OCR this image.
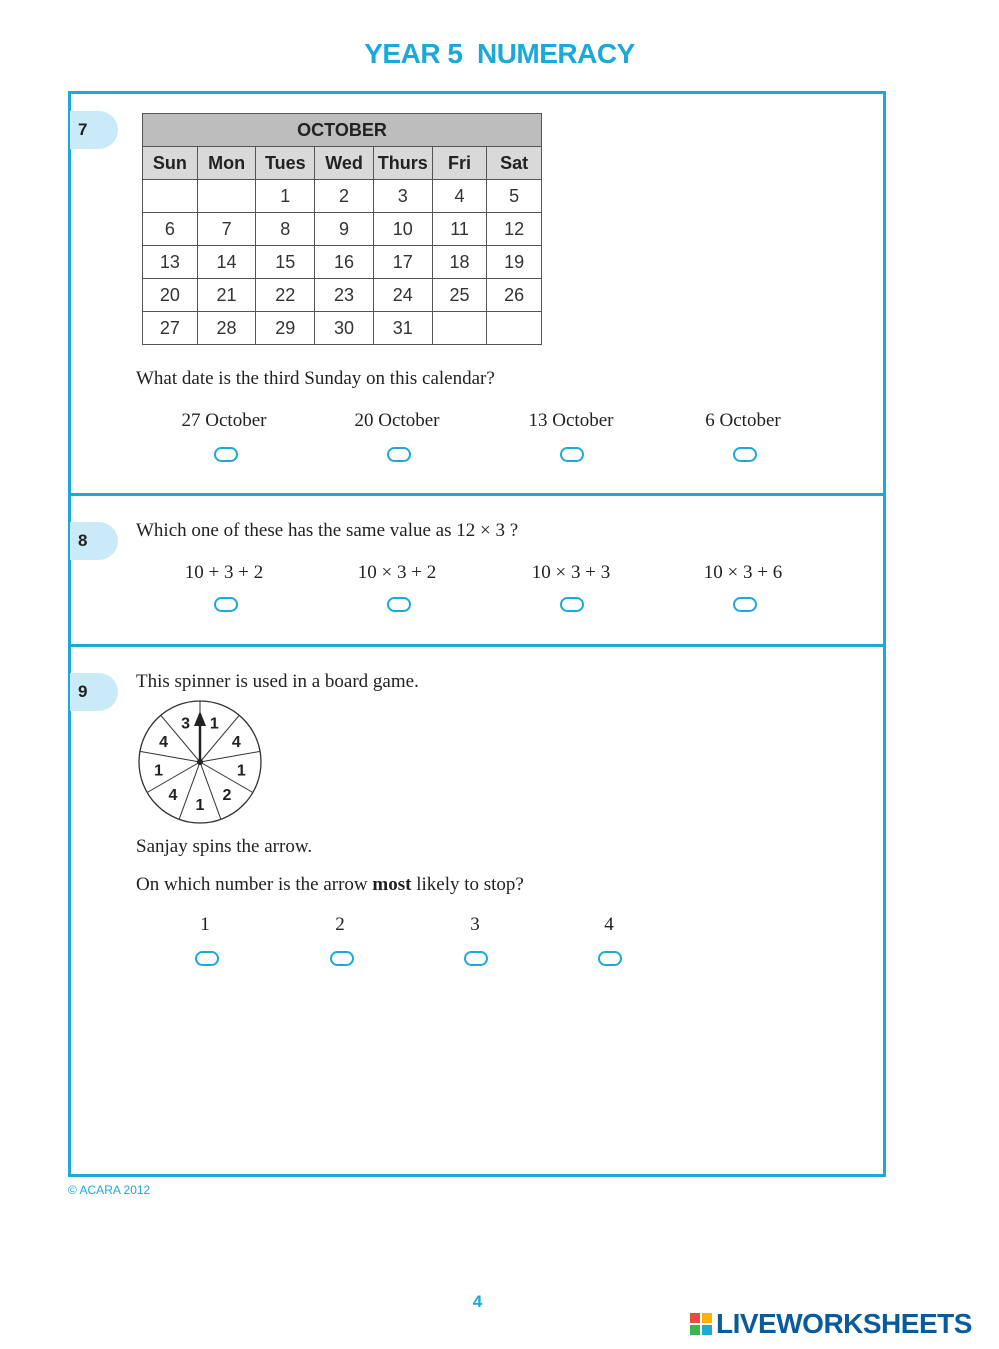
YEAR 5 NUMERACY
7	OCTOBER						
Sun	Mon	Tues	Wed	Thurs	Fri	Sat
		1	2	3	4	5
6	7	8	9	10	11	12
13	14	15	16	17	18	19
20	21	22	23	24	25	26
27	28	29	30	31		
What date is the third Sunday on this calendar?
27 October	20 October	13 October	6 October
8	Which one of these has the same value as 12 × 3 ?
10 + 3 + 2	10 × 3 + 2	10 × 3 + 3	10 × 3 + 6
9	This spinner is used in a board game.
1
4
1
2
1
4
1
4
3
Sanjay spins the arrow.
On which number is the arrow most likely to stop?
1	2	3	4
© ACARA 2012
4
LIVEWORKSHEETS
